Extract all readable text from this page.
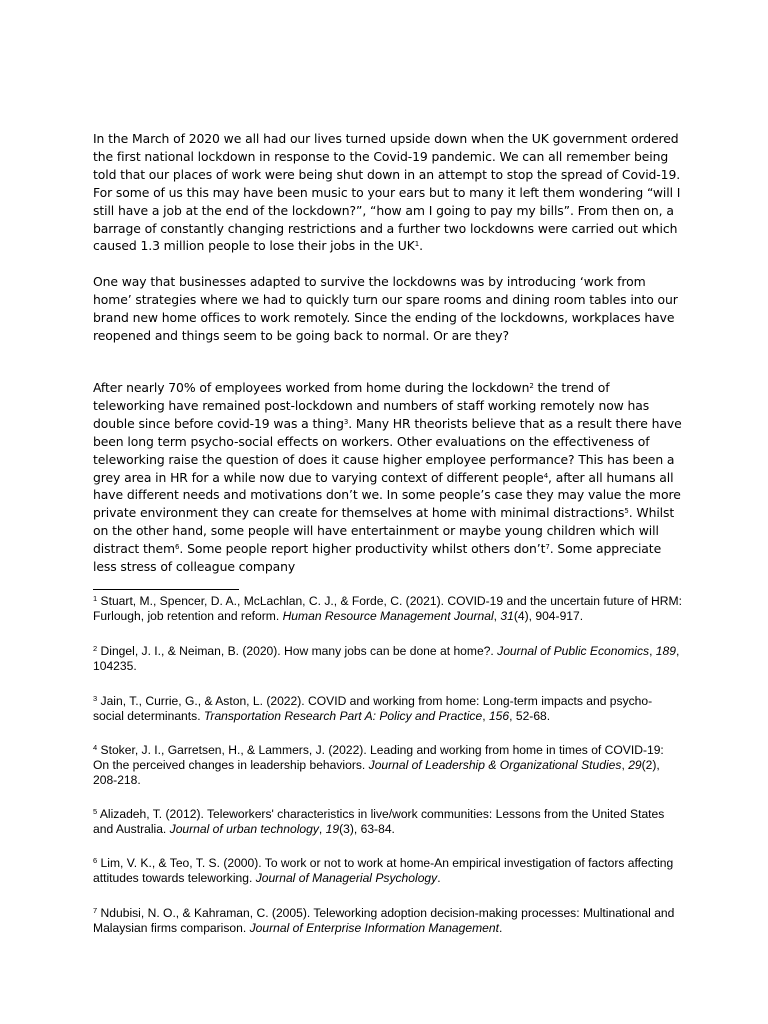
In the March of 2020 we all had our lives turned upside down when the UK government ordered the first national lockdown in response to the Covid-19 pandemic. We can all remember being told that our places of work were being shut down in an attempt to stop the spread of Covid-19. For some of us this may have been music to your ears but to many it left them wondering “will I still have a job at the end of the lockdown?”, “how am I going to pay my bills”. From then on, a barrage of constantly changing restrictions and a further two lockdowns were carried out which caused 1.3 million people to lose their jobs in the $UK^1$.

One way that businesses adapted to survive the lockdowns was by introducing ‘work from home’ strategies where we had to quickly turn our spare rooms and dining room tables into our brand new home offices to work remotely. Since the ending of the lockdowns, workplaces have reopened and things seem to be going back to normal. Or are they?

After nearly 70% of employees worked from home during the lockdown$^2$ the trend of teleworking have remained post-lockdown and numbers of staff working remotely now has double since before covid-19 was a thing$^3$. Many HR theorists believe that as a result there have been long term psycho-social effects on workers. Other evaluations on the effectiveness of teleworking raise the question of does it cause higher employee performance? This has been a grey area in HR for a while now due to varying context of different people$^4$, after all humans all have different needs and motivations don’t we. In some people’s case they may value the more private environment they can create for themselves at home with minimal distractions$^5$. Whilst on the other hand, some people will have entertainment or maybe young children which will distract them$^6$. Some people report higher productivity whilst others $don’t^7$. Some appreciate less stress of colleague company

$^1$ Stuart, M., Spencer, D. A., McLachlan, C. J., & Forde, C. (2021). COVID-19 and the uncertain future of HRM: Furlough, job retention and reform. Human Resource Management Journal, 31(4), 904-917.

$^2$ Dingel, J. I., & Neiman, B. (2020). How many jobs can be done at home?. Journal of Public Economics, 189, 104235.

$^3$ Jain, T., Currie, G., & Aston, L. (2022). COVID and working from home: Long-term impacts and psycho-social determinants. Transportation Research Part A: Policy and Practice, 156, 52-68.

$^4$ Stoker, J. I., Garretsen, H., & Lammers, J. (2022). Leading and working from home in times of COVID-19: On the perceived changes in leadership behaviors. Journal of Leadership & Organizational Studies, 29(2), 208-218.

$^5$ Alizadeh, T. (2012). Teleworkers' characteristics in live/work communities: Lessons from the United States and Australia. Journal of urban technology, 19(3), 63-84.

$^6$ Lim, V. K., & Teo, T. S. (2000). To work or not to work at home-An empirical investigation of factors affecting attitudes towards teleworking. Journal of Managerial Psychology.

$^7$ Ndubisi, N. O., & Kahraman, C. (2005). Teleworking adoption decision-making processes: Multinational and Malaysian firms comparison. Journal of Enterprise Information Management.
